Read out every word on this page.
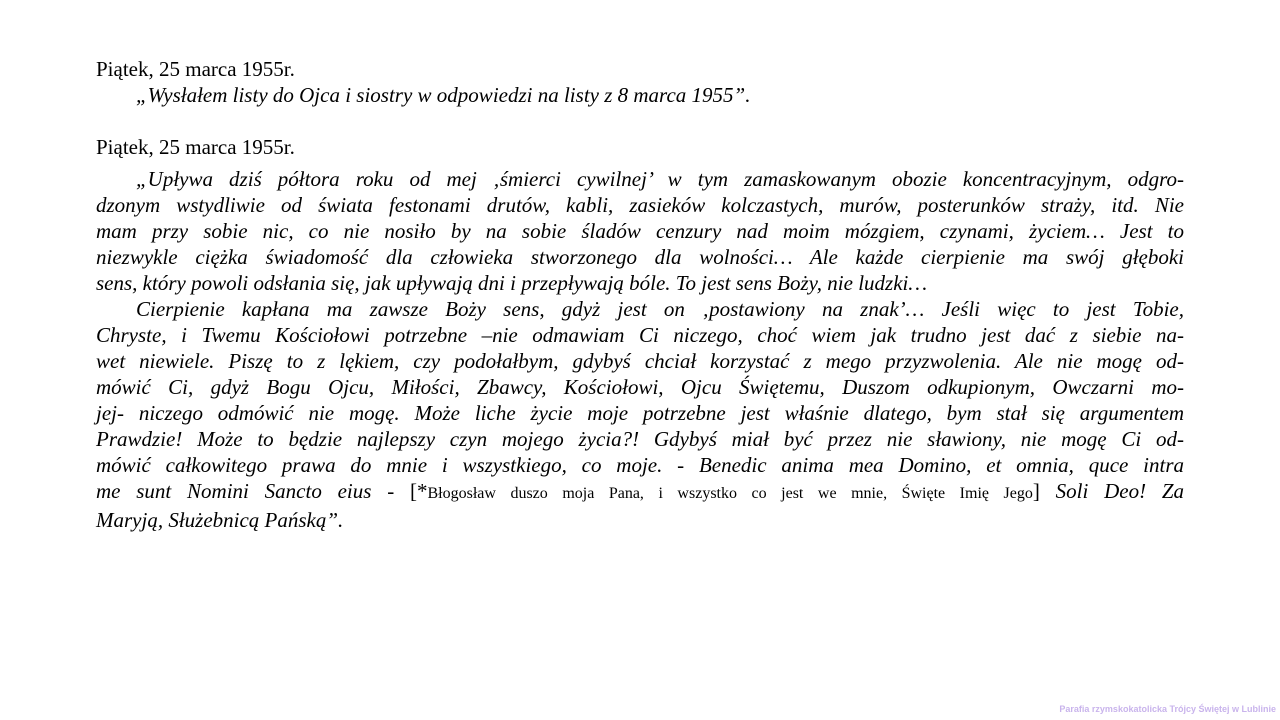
Piątek, 25 marca 1955r.
„Wysłałem listy do Ojca i siostry w odpowiedzi na listy z 8 marca 1955”.
Piątek, 25 marca 1955r.
„Upływa dziś półtora roku od mej ‚śmierci cywilnej’ w tym zamaskowanym obozie koncentracyjnym, odgro-
dzonym wstydliwie od świata festonami drutów, kabli, zasieków kolczastych, murów, posterunków straży, itd. Nie
mam przy sobie nic, co nie nosiło by na sobie śladów cenzury nad moim mózgiem, czynami, życiem… Jest to
niezwykle ciężka świadomość dla człowieka stworzonego dla wolności… Ale każde cierpienie ma swój głęboki
sens, który powoli odsłania się, jak upływają dni i przepływają bóle. To jest sens Boży, nie ludzki…
Cierpienie kapłana ma zawsze Boży sens, gdyż jest on ‚postawiony na znak’… Jeśli więc to jest Tobie,
Chryste, i Twemu Kościołowi potrzebne –nie odmawiam Ci niczego, choć wiem jak trudno jest dać z siebie na-
wet niewiele. Piszę to z lękiem, czy podołałbym, gdybyś chciał korzystać z mego przyzwolenia. Ale nie mogę od-
mówić Ci, gdyż Bogu Ojcu, Miłości, Zbawcy, Kościołowi, Ojcu Świętemu, Duszom odkupionym, Owczarni mo-
jej- niczego odmówić nie mogę. Może liche życie moje potrzebne jest właśnie dlatego, bym stał się argumentem
Prawdzie! Może to będzie najlepszy czyn mojego życia?! Gdybyś miał być przez nie sławiony, nie mogę Ci od-
mówić całkowitego prawa do mnie i wszystkiego, co moje. - Benedic anima mea Domino, et omnia, quce intra
me sunt Nomini Sancto eius - [*Błogosław duszo moja Pana, i wszystko co jest we mnie, Święte Imię Jego] Soli Deo! Za
Maryją, Służebnicą Pańską”.
Parafia rzymskokatolicka Trójcy Świętej w Lublinie
